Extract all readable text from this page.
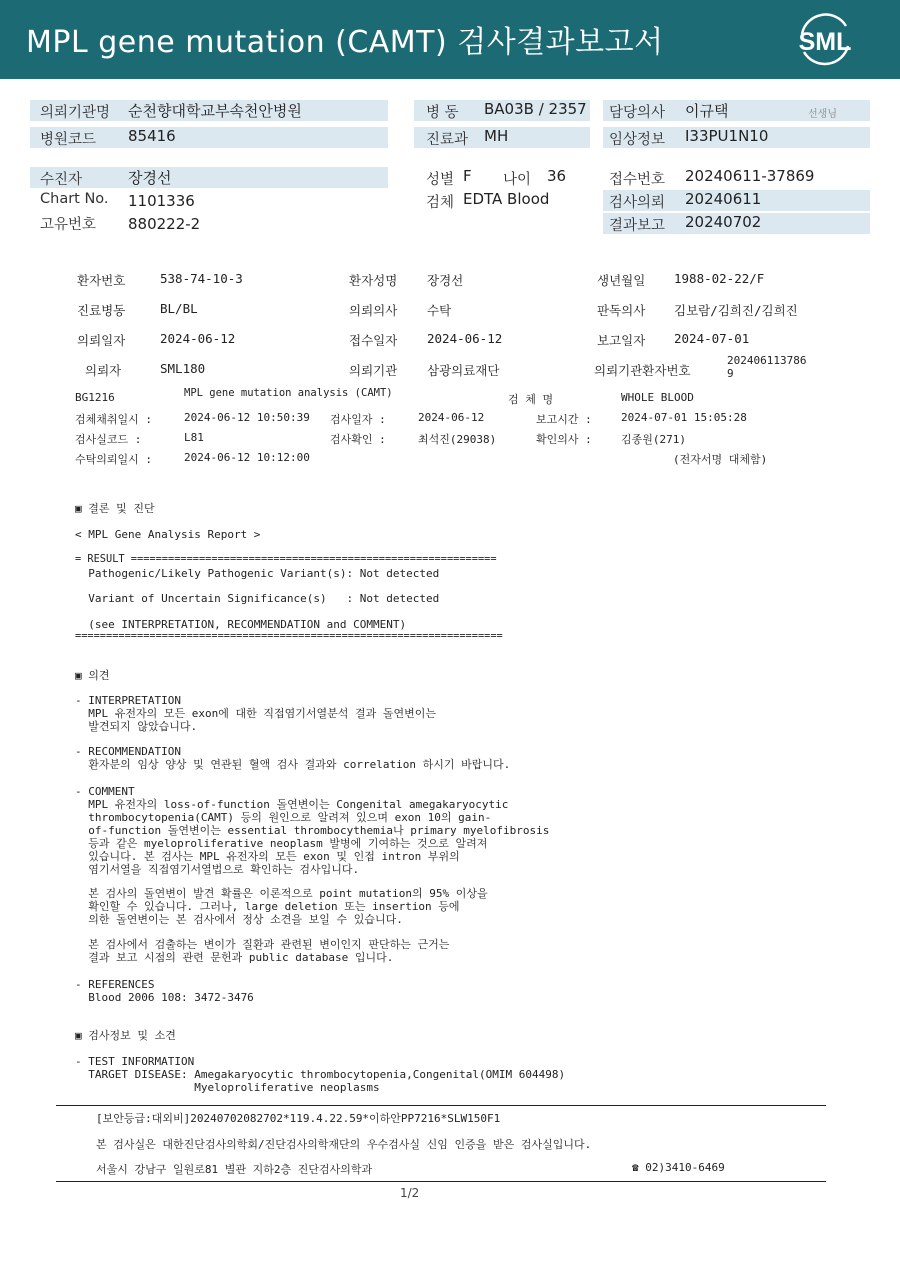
MPL gene mutation (CAMT) 검사결과보고서	SML
의뢰기관명 순천향대학교부속천안병원
병원코드 85416
병 동 BA03B / 2357
진료과 MH
담당의사 이규택	선생님
임상정보 I33PU1N10
수진자	장경선
Chart No. 1101336
고유번호 880222-2
성별 F 나이 36
검체 EDTA Blood
접수번호 20240611-37869
검사의뢰 20240611
결과보고 20240702
환자번호	538-74-10-3	환자성명 장경선	생년월일 1988-02-22/F
진료병동	BL/BL	의뢰의사 수탁	판독의사 김보람/김희진/김희진
의뢰일자	2024-06-12	접수일자 2024-06-12	보고일자 2024-07-01
의뢰자	SML180	의뢰기관 삼광의료재단	의뢰기관환자번호
202406113786
9
BG1216	MPL gene mutation analysis (CAMT)	검 체 명	WHOLE BLOOD
검체채취일시 :	2024-06-12 10:50:39 검사일자 :	2024-06-12	보고시간 :	2024-07-01 15:05:28
검사실코드 :	L81	검사확인 :	최석진(29038)	확인의사 :	김종원(271)
수탁의뢰일시 :	2024-06-12 10:12:00	(전자서명 대체함)
▣ 결론 및 진단
< MPL Gene Analysis Report >
= RESULT ===========================================================
Pathogenic/Likely Pathogenic Variant(s): Not detected
Variant of Uncertain Significance(s)   : Not detected
(see INTERPRETATION, RECOMMENDATION and COMMENT)
=====================================================================
▣ 의견
- INTERPRETATION
MPL 유전자의 모든 exon에 대한 직접염기서열분석 결과 돌연변이는
발견되지 않았습니다.
- RECOMMENDATION
환자분의 임상 양상 및 연관된 혈액 검사 결과와 correlation 하시기 바랍니다.
- COMMENT
MPL 유전자의 loss-of-function 돌연변이는 Congenital amegakaryocytic
thrombocytopenia(CAMT) 등의 원인으로 알려져 있으며 exon 10의 gain-
of-function 돌연변이는 essential thrombocythemia나 primary myelofibrosis
등과 같은 myeloproliferative neoplasm 발병에 기여하는 것으로 알려져
있습니다. 본 검사는 MPL 유전자의 모든 exon 및 인접 intron 부위의
염기서열을 직접염기서열법으로 확인하는 검사입니다.
본 검사의 돌연변이 발견 확률은 이론적으로 point mutation의 95% 이상을
확인할 수 있습니다. 그러나, large deletion 또는 insertion 등에
의한 돌연변이는 본 검사에서 정상 소견을 보일 수 있습니다.
본 검사에서 검출하는 변이가 질환과 관련된 변이인지 판단하는 근거는
결과 보고 시점의 관련 문헌과 public database 입니다.
- REFERENCES
Blood 2006 108: 3472-3476
▣ 검사정보 및 소견
- TEST INFORMATION
TARGET DISEASE: Amegakaryocytic thrombocytopenia,Congenital(OMIM 604498)
Myeloproliferative neoplasms
[보안등급:대외비]20240702082702*119.4.22.59*이하안PP7216*SLW150F1
본 검사실은 대한진단검사의학회/진단검사의학재단의 우수검사실 신임 인증을 받은 검사실입니다.
서울시 강남구 일원로81 별관 지하2층 진단검사의학과	☎ 02)3410-6469
1/2
